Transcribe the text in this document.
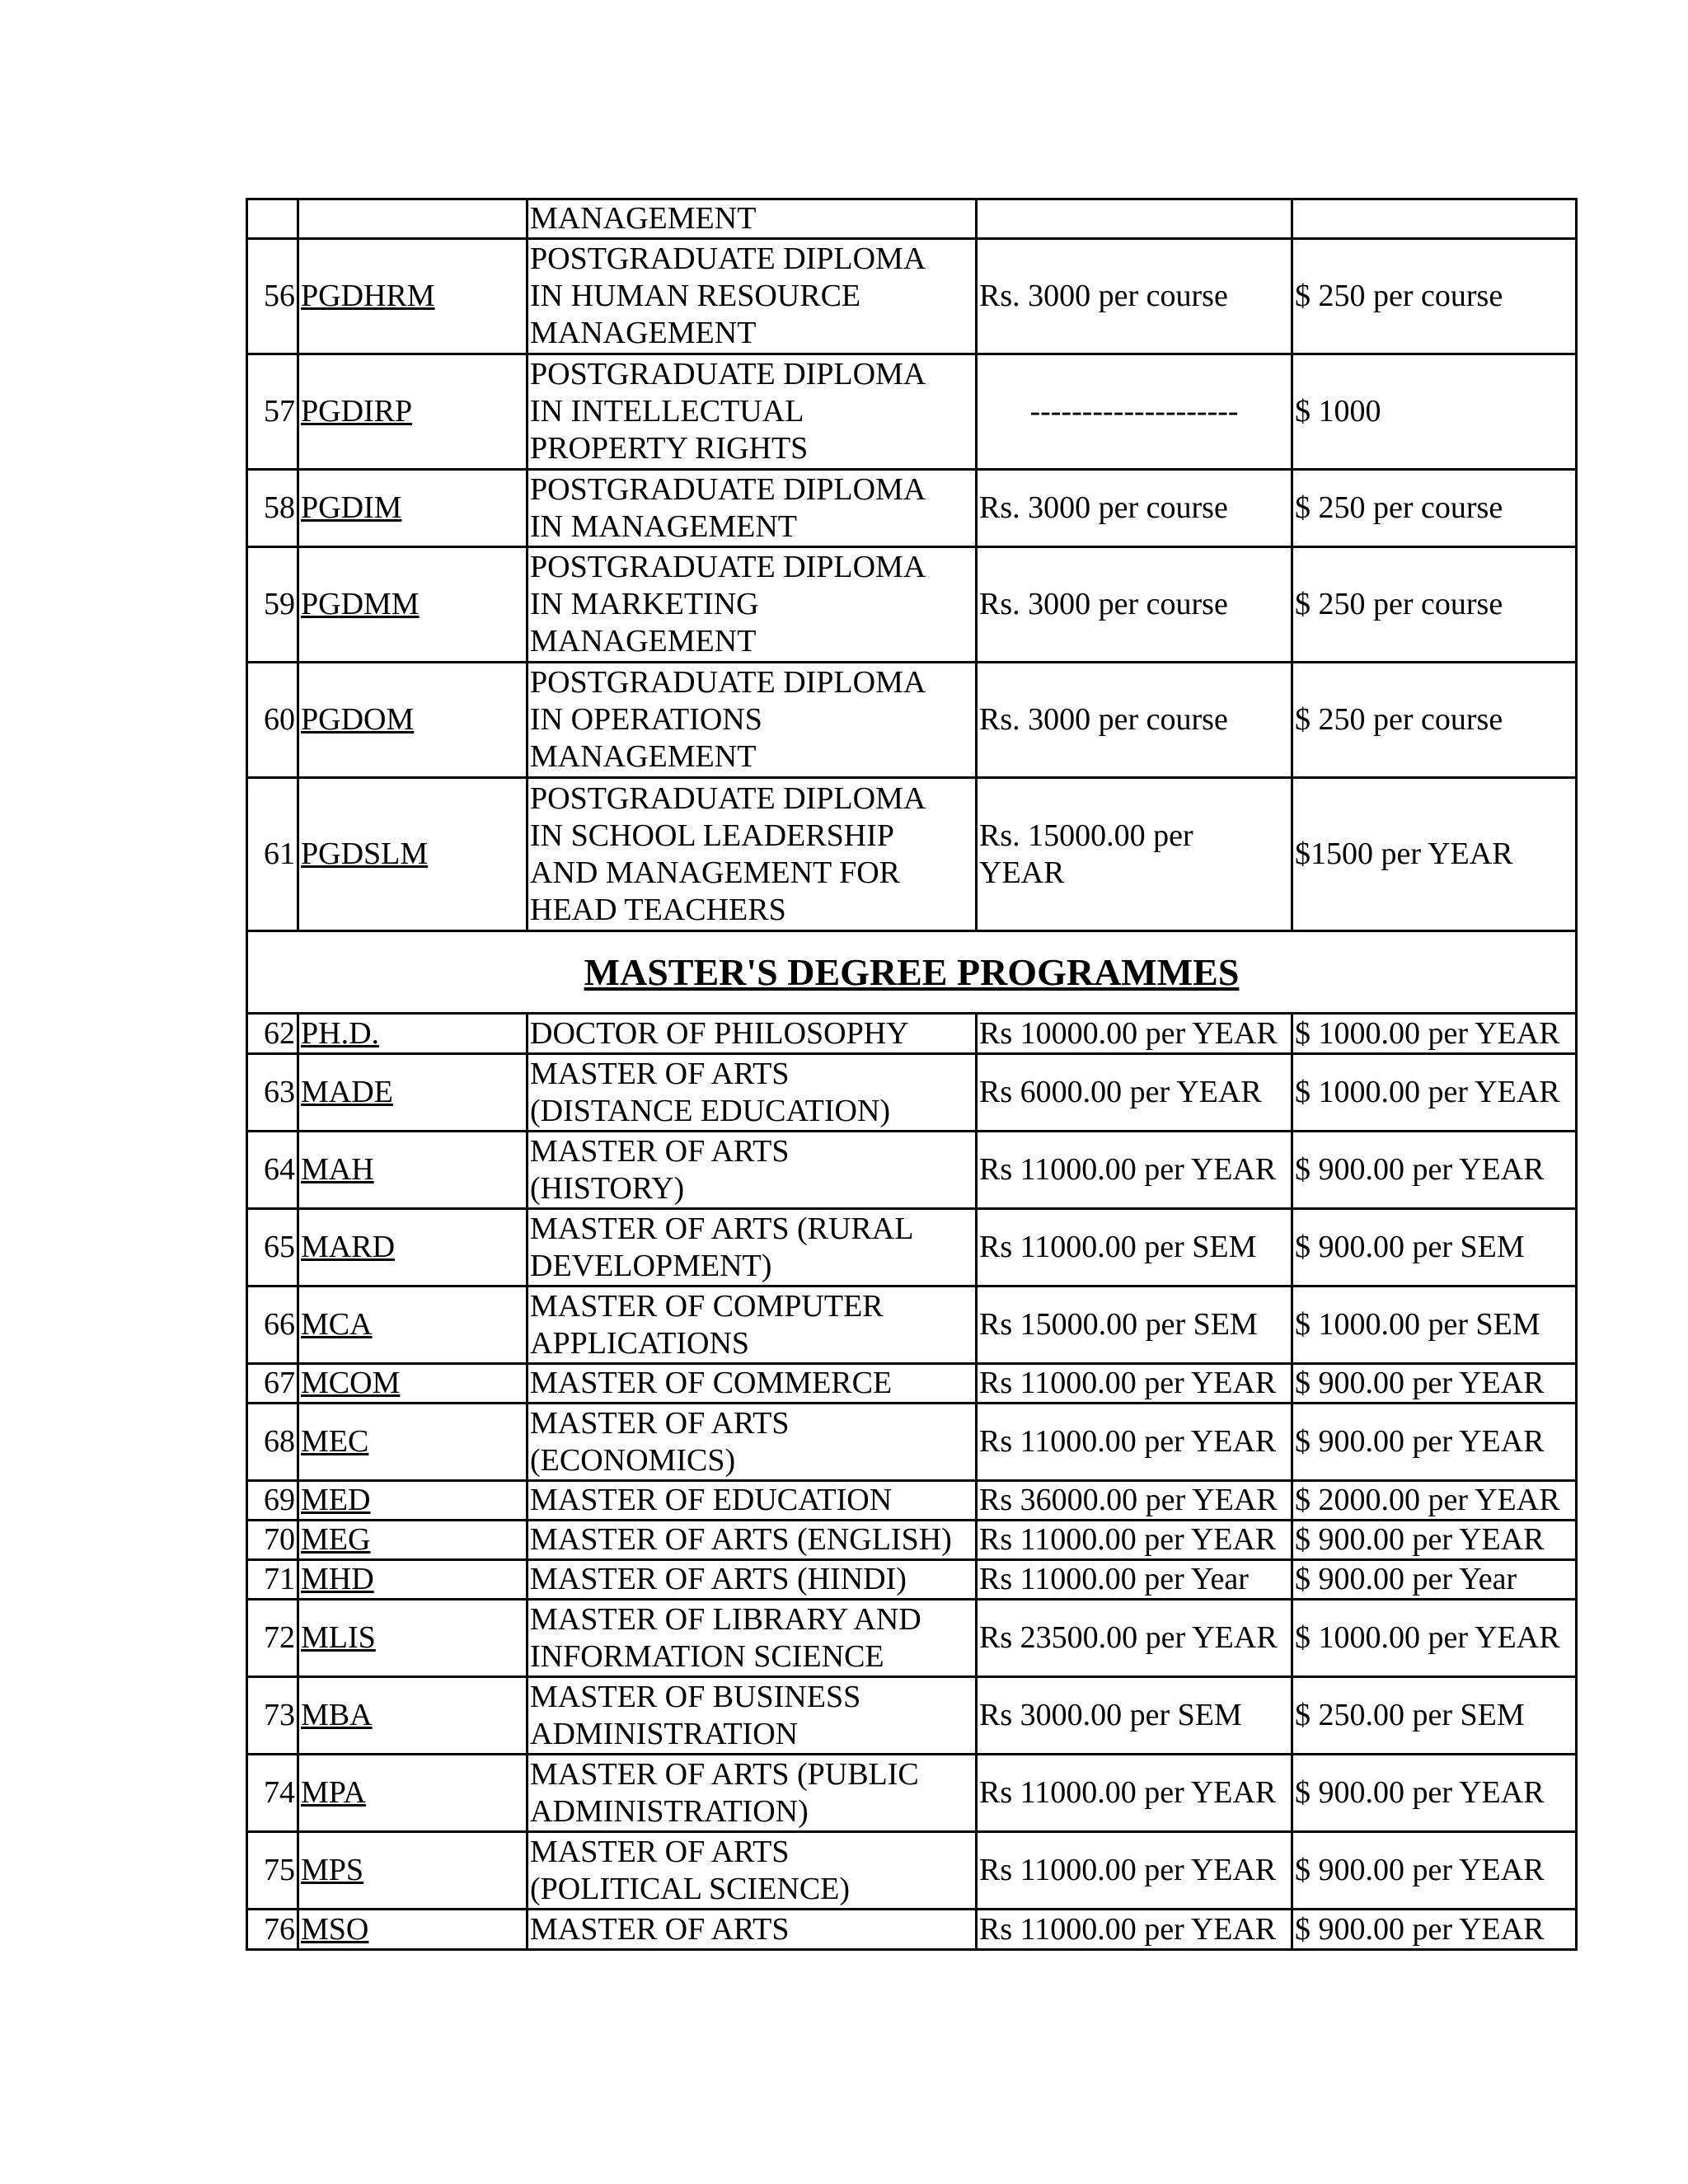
		MANAGEMENT		

56	PGDHRM	POSTGRADUATE DIPLOMA
IN HUMAN RESOURCE
MANAGEMENT	Rs. 3000 per course	$ 250 per course
57	PGDIRP	POSTGRADUATE DIPLOMA
IN INTELLECTUAL
PROPERTY RIGHTS	--------------------	$ 1000
58	PGDIM	POSTGRADUATE DIPLOMA
IN MANAGEMENT	Rs. 3000 per course	$ 250 per course
59	PGDMM	POSTGRADUATE DIPLOMA
IN MARKETING
MANAGEMENT	Rs. 3000 per course	$ 250 per course
60	PGDOM	POSTGRADUATE DIPLOMA
IN OPERATIONS
MANAGEMENT	Rs. 3000 per course	$ 250 per course
61	PGDSLM	POSTGRADUATE DIPLOMA
IN SCHOOL LEADERSHIP
AND MANAGEMENT FOR
HEAD TEACHERS	Rs. 15000.00 per YEAR	$1500 per YEAR
MASTER'S DEGREE PROGRAMMES				
62	PH.D.	DOCTOR OF PHILOSOPHY	Rs 10000.00 per YEAR	$ 1000.00 per YEAR
63	MADE	MASTER OF ARTS
(DISTANCE EDUCATION)	Rs 6000.00 per YEAR	$ 1000.00 per YEAR
64	MAH	MASTER OF ARTS
(HISTORY)	Rs 11000.00 per YEAR	$ 900.00 per YEAR
65	MARD	MASTER OF ARTS (RURAL
DEVELOPMENT)	Rs 11000.00 per SEM	$ 900.00 per SEM
66	MCA	MASTER OF COMPUTER
APPLICATIONS	Rs 15000.00 per SEM	$ 1000.00 per SEM
67	MCOM	MASTER OF COMMERCE	Rs 11000.00 per YEAR	$ 900.00 per YEAR
68	MEC	MASTER OF ARTS
(ECONOMICS)	Rs 11000.00 per YEAR	$ 900.00 per YEAR
69	MED	MASTER OF EDUCATION	Rs 36000.00 per YEAR	$ 2000.00 per YEAR
70	MEG	MASTER OF ARTS (ENGLISH)	Rs 11000.00 per YEAR	$ 900.00 per YEAR
71	MHD	MASTER OF ARTS (HINDI)	Rs 11000.00 per Year	$ 900.00 per Year
72	MLIS	MASTER OF LIBRARY AND
INFORMATION SCIENCE	Rs 23500.00 per YEAR	$ 1000.00 per YEAR
73	MBA	MASTER OF BUSINESS
ADMINISTRATION	Rs 3000.00 per SEM	$ 250.00 per SEM
74	MPA	MASTER OF ARTS (PUBLIC
ADMINISTRATION)	Rs 11000.00 per YEAR	$ 900.00 per YEAR
75	MPS	MASTER OF ARTS
(POLITICAL SCIENCE)	Rs 11000.00 per YEAR	$ 900.00 per YEAR
76	MSO	MASTER OF ARTS	Rs 11000.00 per YEAR	$ 900.00 per YEAR
